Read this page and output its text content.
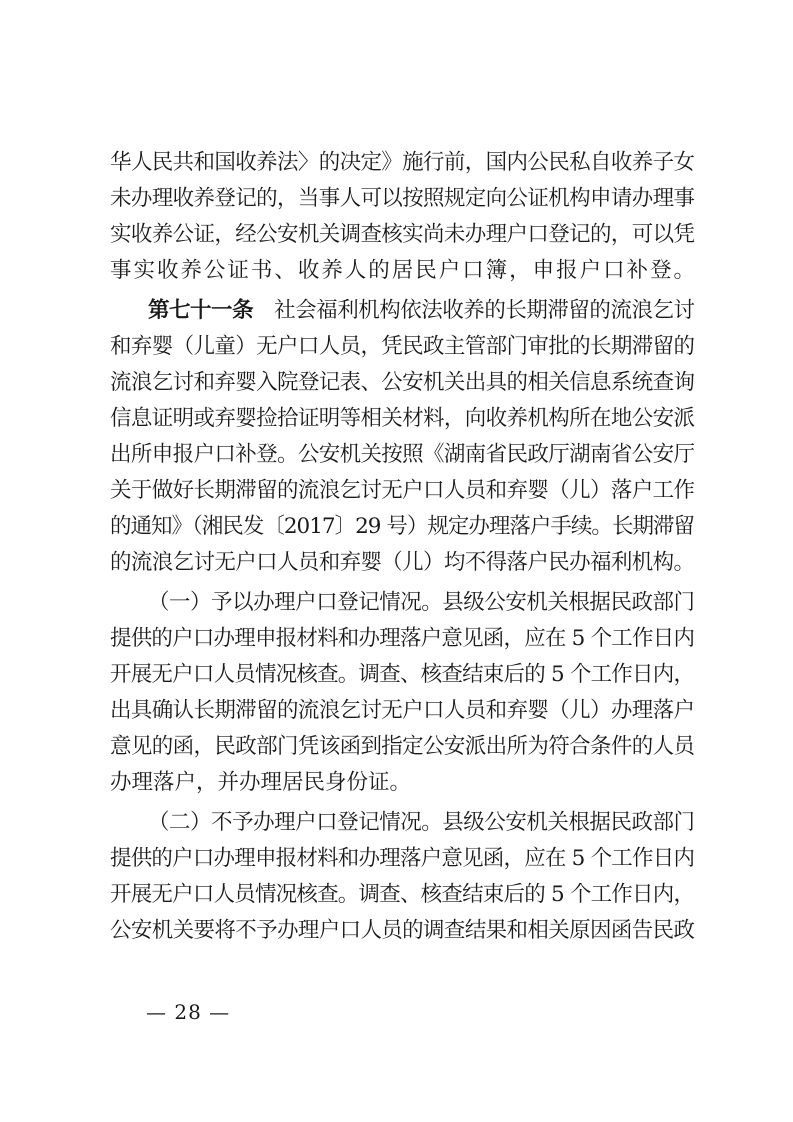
华人民共和国收养法〉的决定》施行前，国内公民私自收养子女
未办理收养登记的，当事人可以按照规定向公证机构申请办理事
实收养公证，经公安机关调查核实尚未办理户口登记的，可以凭
事实收养公证书、收养人的居民户口簿，申报户口补登。
第七十一条　社会福利机构依法收养的长期滞留的流浪乞讨
和弃婴（儿童）无户口人员，凭民政主管部门审批的长期滞留的
流浪乞讨和弃婴入院登记表、公安机关出具的相关信息系统查询
信息证明或弃婴捡拾证明等相关材料，向收养机构所在地公安派
出所申报户口补登。公安机关按照《湖南省民政厅湖南省公安厅
关于做好长期滞留的流浪乞讨无户口人员和弃婴（儿）落户工作
的通知》（湘民发〔2017〕29 号）规定办理落户手续。长期滞留
的流浪乞讨无户口人员和弃婴（儿）均不得落户民办福利机构。
（一）予以办理户口登记情况。县级公安机关根据民政部门
提供的户口办理申报材料和办理落户意见函，应在 5 个工作日内
开展无户口人员情况核查。调查、核查结束后的 5 个工作日内，
出具确认长期滞留的流浪乞讨无户口人员和弃婴（儿）办理落户
意见的函，民政部门凭该函到指定公安派出所为符合条件的人员
办理落户，并办理居民身份证。
（二）不予办理户口登记情况。县级公安机关根据民政部门
提供的户口办理申报材料和办理落户意见函，应在 5 个工作日内
开展无户口人员情况核查。调查、核查结束后的 5 个工作日内，
公安机关要将不予办理户口人员的调查结果和相关原因函告民政
— 28 —
